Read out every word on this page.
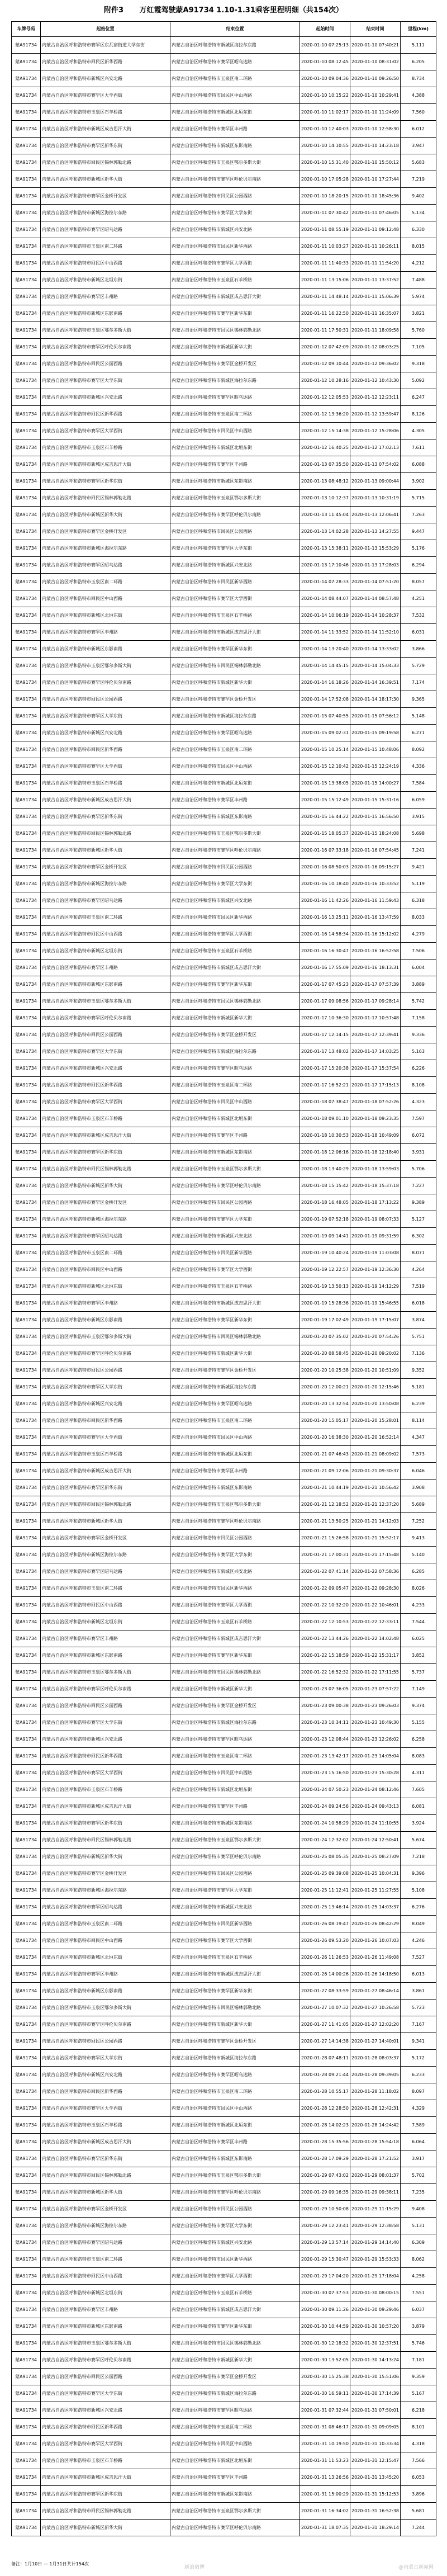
附件3 万红霞驾驶蒙A91734 1.10-1.31乘客里程明细（共154次）
车牌号码	起始位置	结束位置	起始时间	结束时间	里程(km)
蒙A91734	内蒙古自治区呼和浩特市赛罕区东瓦窑街道大学东街	内蒙古自治区呼和浩特市新城区海拉尔东路	2020-01-10 07:25:13	2020-01-10 07:40:21	5.111
蒙A91734	内蒙古自治区呼和浩特市回民区新华西路	内蒙古自治区呼和浩特市赛罕区昭乌达路	2020-01-10 08:12:45	2020-01-10 08:31:02	6.205
蒙A91734	内蒙古自治区呼和浩特市新城区兴安北路	内蒙古自治区呼和浩特市玉泉区南二环路	2020-01-10 09:04:36	2020-01-10 09:26:50	8.734
蒙A91734	内蒙古自治区呼和浩特市赛罕区大学西街	内蒙古自治区呼和浩特市回民区中山西路	2020-01-10 10:15:22	2020-01-10 10:29:41	4.388
蒙A91734	内蒙古自治区呼和浩特市玉泉区石羊桥路	内蒙古自治区呼和浩特市新城区北垣东街	2020-01-10 11:02:17	2020-01-10 11:24:09	7.560
蒙A91734	内蒙古自治区呼和浩特市新城区成吉思汗大街	内蒙古自治区呼和浩特市赛罕区丰州路	2020-01-10 12:40:03	2020-01-10 12:58:30	6.012
蒙A91734	内蒙古自治区呼和浩特市赛罕区新华东街	内蒙古自治区呼和浩特市新城区东影南路	2020-01-10 14:10:55	2020-01-10 14:23:18	3.947
蒙A91734	内蒙古自治区呼和浩特市回民区锡林郭勒北路	内蒙古自治区呼和浩特市玉泉区鄂尔多斯大街	2020-01-10 15:31:40	2020-01-10 15:50:12	5.683
蒙A91734	内蒙古自治区呼和浩特市新城区新华大街	内蒙古自治区呼和浩特市赛罕区呼伦贝尔南路	2020-01-10 17:05:28	2020-01-10 17:27:44	7.219
蒙A91734	内蒙古自治区呼和浩特市赛罕区金桥开发区	内蒙古自治区呼和浩特市回民区公园西路	2020-01-10 18:20:15	2020-01-10 18:45:36	9.402
蒙A91734	内蒙古自治区呼和浩特市新城区海拉尔东路	内蒙古自治区呼和浩特市赛罕区大学东街	2020-01-11 07:30:42	2020-01-11 07:46:05	5.134
蒙A91734	内蒙古自治区呼和浩特市赛罕区昭乌达路	内蒙古自治区呼和浩特市新城区兴安北路	2020-01-11 08:55:19	2020-01-11 09:12:48	6.330
蒙A91734	内蒙古自治区呼和浩特市玉泉区南二环路	内蒙古自治区呼和浩特市回民区新华西路	2020-01-11 10:03:27	2020-01-11 10:26:11	8.015
蒙A91734	内蒙古自治区呼和浩特市回民区中山西路	内蒙古自治区呼和浩特市赛罕区大学西街	2020-01-11 11:40:33	2020-01-11 11:54:20	4.212
蒙A91734	内蒙古自治区呼和浩特市新城区北垣东街	内蒙古自治区呼和浩特市玉泉区石羊桥路	2020-01-11 13:15:06	2020-01-11 13:37:52	7.488
蒙A91734	内蒙古自治区呼和浩特市赛罕区丰州路	内蒙古自治区呼和浩特市新城区成吉思汗大街	2020-01-11 14:48:14	2020-01-11 15:06:39	5.974
蒙A91734	内蒙古自治区呼和浩特市新城区东影南路	内蒙古自治区呼和浩特市赛罕区新华东街	2020-01-11 16:22:50	2020-01-11 16:35:07	3.821
蒙A91734	内蒙古自治区呼和浩特市玉泉区鄂尔多斯大街	内蒙古自治区呼和浩特市回民区锡林郭勒北路	2020-01-11 17:50:31	2020-01-11 18:09:58	5.760
蒙A91734	内蒙古自治区呼和浩特市赛罕区呼伦贝尔南路	内蒙古自治区呼和浩特市新城区新华大街	2020-01-12 07:42:09	2020-01-12 08:03:25	7.105
蒙A91734	内蒙古自治区呼和浩特市回民区公园西路	内蒙古自治区呼和浩特市赛罕区金桥开发区	2020-01-12 09:10:44	2020-01-12 09:36:02	9.318
蒙A91734	内蒙古自治区呼和浩特市赛罕区大学东街	内蒙古自治区呼和浩特市新城区海拉尔东路	2020-01-12 10:28:16	2020-01-12 10:43:30	5.092
蒙A91734	内蒙古自治区呼和浩特市新城区兴安北路	内蒙古自治区呼和浩特市赛罕区昭乌达路	2020-01-12 12:05:53	2020-01-12 12:23:11	6.247
蒙A91734	内蒙古自治区呼和浩特市回民区新华西路	内蒙古自治区呼和浩特市玉泉区南二环路	2020-01-12 13:36:20	2020-01-12 13:59:47	8.126
蒙A91734	内蒙古自治区呼和浩特市赛罕区大学西街	内蒙古自治区呼和浩特市回民区中山西路	2020-01-12 15:14:38	2020-01-12 15:28:06	4.305
蒙A91734	内蒙古自治区呼和浩特市玉泉区石羊桥路	内蒙古自治区呼和浩特市新城区北垣东街	2020-01-12 16:40:25	2020-01-12 17:02:13	7.611
蒙A91734	内蒙古自治区呼和浩特市新城区成吉思汗大街	内蒙古自治区呼和浩特市赛罕区丰州路	2020-01-13 07:35:50	2020-01-13 07:54:02	6.088
蒙A91734	内蒙古自治区呼和浩特市赛罕区新华东街	内蒙古自治区呼和浩特市新城区东影南路	2020-01-13 08:48:12	2020-01-13 09:00:44	3.902
蒙A91734	内蒙古自治区呼和浩特市回民区锡林郭勒北路	内蒙古自治区呼和浩特市玉泉区鄂尔多斯大街	2020-01-13 10:12:37	2020-01-13 10:31:19	5.715
蒙A91734	内蒙古自治区呼和浩特市新城区新华大街	内蒙古自治区呼和浩特市赛罕区呼伦贝尔南路	2020-01-13 11:45:04	2020-01-13 12:06:41	7.263
蒙A91734	内蒙古自治区呼和浩特市赛罕区金桥开发区	内蒙古自治区呼和浩特市回民区公园西路	2020-01-13 14:02:28	2020-01-13 14:27:55	9.447
蒙A91734	内蒙古自治区呼和浩特市新城区海拉尔东路	内蒙古自治区呼和浩特市赛罕区大学东街	2020-01-13 15:38:11	2020-01-13 15:53:29	5.176
蒙A91734	内蒙古自治区呼和浩特市赛罕区昭乌达路	内蒙古自治区呼和浩特市新城区兴安北路	2020-01-13 17:10:46	2020-01-13 17:28:03	6.294
蒙A91734	内蒙古自治区呼和浩特市玉泉区南二环路	内蒙古自治区呼和浩特市回民区新华西路	2020-01-14 07:28:33	2020-01-14 07:51:20	8.057
蒙A91734	内蒙古自治区呼和浩特市回民区中山西路	内蒙古自治区呼和浩特市赛罕区大学西街	2020-01-14 08:44:07	2020-01-14 08:57:48	4.251
蒙A91734	内蒙古自治区呼和浩特市新城区北垣东街	内蒙古自治区呼和浩特市玉泉区石羊桥路	2020-01-14 10:06:19	2020-01-14 10:28:37	7.532
蒙A91734	内蒙古自治区呼和浩特市赛罕区丰州路	内蒙古自治区呼和浩特市新城区成吉思汗大街	2020-01-14 11:33:52	2020-01-14 11:52:10	6.031
蒙A91734	内蒙古自治区呼和浩特市新城区东影南路	内蒙古自治区呼和浩特市赛罕区新华东街	2020-01-14 13:20:40	2020-01-14 13:33:02	3.866
蒙A91734	内蒙古自治区呼和浩特市玉泉区鄂尔多斯大街	内蒙古自治区呼和浩特市回民区锡林郭勒北路	2020-01-14 14:45:15	2020-01-14 15:04:33	5.729
蒙A91734	内蒙古自治区呼和浩特市赛罕区呼伦贝尔南路	内蒙古自治区呼和浩特市新城区新华大街	2020-01-14 16:18:26	2020-01-14 16:39:51	7.174
蒙A91734	内蒙古自治区呼和浩特市回民区公园西路	内蒙古自治区呼和浩特市赛罕区金桥开发区	2020-01-14 17:52:08	2020-01-14 18:17:30	9.365
蒙A91734	内蒙古自治区呼和浩特市赛罕区大学东街	内蒙古自治区呼和浩特市新城区海拉尔东路	2020-01-15 07:40:55	2020-01-15 07:56:12	5.148
蒙A91734	内蒙古自治区呼和浩特市新城区兴安北路	内蒙古自治区呼和浩特市赛罕区昭乌达路	2020-01-15 09:02:31	2020-01-15 09:19:58	6.271
蒙A91734	内蒙古自治区呼和浩特市回民区新华西路	内蒙古自治区呼和浩特市玉泉区南二环路	2020-01-15 10:25:14	2020-01-15 10:48:06	8.092
蒙A91734	内蒙古自治区呼和浩特市赛罕区大学西街	内蒙古自治区呼和浩特市回民区中山西路	2020-01-15 12:10:42	2020-01-15 12:24:19	4.336
蒙A91734	内蒙古自治区呼和浩特市玉泉区石羊桥路	内蒙古自治区呼和浩特市新城区北垣东街	2020-01-15 13:38:05	2020-01-15 14:00:27	7.584
蒙A91734	内蒙古自治区呼和浩特市新城区成吉思汗大街	内蒙古自治区呼和浩特市赛罕区丰州路	2020-01-15 15:12:49	2020-01-15 15:31:16	6.059
蒙A91734	内蒙古自治区呼和浩特市赛罕区新华东街	内蒙古自治区呼和浩特市新城区东影南路	2020-01-15 16:44:22	2020-01-15 16:56:50	3.915
蒙A91734	内蒙古自治区呼和浩特市回民区锡林郭勒北路	内蒙古自治区呼和浩特市玉泉区鄂尔多斯大街	2020-01-15 18:05:37	2020-01-15 18:24:08	5.698
蒙A91734	内蒙古自治区呼和浩特市新城区新华大街	内蒙古自治区呼和浩特市赛罕区呼伦贝尔南路	2020-01-16 07:33:18	2020-01-16 07:54:45	7.241
蒙A91734	内蒙古自治区呼和浩特市赛罕区金桥开发区	内蒙古自治区呼和浩特市回民区公园西路	2020-01-16 08:50:03	2020-01-16 09:15:27	9.421
蒙A91734	内蒙古自治区呼和浩特市新城区海拉尔东路	内蒙古自治区呼和浩特市赛罕区大学东街	2020-01-16 10:18:40	2020-01-16 10:33:52	5.119
蒙A91734	内蒙古自治区呼和浩特市赛罕区昭乌达路	内蒙古自治区呼和浩特市新城区兴安北路	2020-01-16 11:42:26	2020-01-16 11:59:43	6.318
蒙A91734	内蒙古自治区呼和浩特市玉泉区南二环路	内蒙古自治区呼和浩特市回民区新华西路	2020-01-16 13:25:11	2020-01-16 13:47:59	8.033
蒙A91734	内蒙古自治区呼和浩特市回民区中山西路	内蒙古自治区呼和浩特市赛罕区大学西街	2020-01-16 14:58:34	2020-01-16 15:12:02	4.279
蒙A91734	内蒙古自治区呼和浩特市新城区北垣东街	内蒙古自治区呼和浩特市玉泉区石羊桥路	2020-01-16 16:30:47	2020-01-16 16:52:58	7.506
蒙A91734	内蒙古自治区呼和浩特市赛罕区丰州路	内蒙古自治区呼和浩特市新城区成吉思汗大街	2020-01-16 17:55:09	2020-01-16 18:13:31	6.004
蒙A91734	内蒙古自治区呼和浩特市新城区东影南路	内蒙古自治区呼和浩特市赛罕区新华东街	2020-01-17 07:45:23	2020-01-17 07:57:39	3.889
蒙A91734	内蒙古自治区呼和浩特市玉泉区鄂尔多斯大街	内蒙古自治区呼和浩特市回民区锡林郭勒北路	2020-01-17 09:08:56	2020-01-17 09:28:14	5.742
蒙A91734	内蒙古自治区呼和浩特市赛罕区呼伦贝尔南路	内蒙古自治区呼和浩特市新城区新华大街	2020-01-17 10:36:30	2020-01-17 10:57:48	7.158
蒙A91734	内蒙古自治区呼和浩特市回民区公园西路	内蒙古自治区呼和浩特市赛罕区金桥开发区	2020-01-17 12:14:15	2020-01-17 12:39:41	9.336
蒙A91734	内蒙古自治区呼和浩特市赛罕区大学东街	内蒙古自治区呼和浩特市新城区海拉尔东路	2020-01-17 13:48:02	2020-01-17 14:03:25	5.163
蒙A91734	内蒙古自治区呼和浩特市新城区兴安北路	内蒙古自治区呼和浩特市赛罕区昭乌达路	2020-01-17 15:20:38	2020-01-17 15:37:54	6.226
蒙A91734	内蒙古自治区呼和浩特市回民区新华西路	内蒙古自治区呼和浩特市玉泉区南二环路	2020-01-17 16:52:21	2020-01-17 17:15:13	8.108
蒙A91734	内蒙古自治区呼和浩特市赛罕区大学西街	内蒙古自治区呼和浩特市回民区中山西路	2020-01-18 07:38:47	2020-01-18 07:52:26	4.323
蒙A91734	内蒙古自治区呼和浩特市玉泉区石羊桥路	内蒙古自治区呼和浩特市新城区北垣东街	2020-01-18 09:01:10	2020-01-18 09:23:35	7.597
蒙A91734	内蒙古自治区呼和浩特市新城区成吉思汗大街	内蒙古自治区呼和浩特市赛罕区丰州路	2020-01-18 10:30:53	2020-01-18 10:49:09	6.072
蒙A91734	内蒙古自治区呼和浩特市赛罕区新华东街	内蒙古自治区呼和浩特市新城区东影南路	2020-01-18 12:06:16	2020-01-18 12:18:40	3.931
蒙A91734	内蒙古自治区呼和浩特市回民区锡林郭勒北路	内蒙古自治区呼和浩特市玉泉区鄂尔多斯大街	2020-01-18 13:40:29	2020-01-18 13:59:03	5.706
蒙A91734	内蒙古自治区呼和浩特市新城区新华大街	内蒙古自治区呼和浩特市赛罕区呼伦贝尔南路	2020-01-18 15:15:42	2020-01-18 15:37:18	7.227
蒙A91734	内蒙古自治区呼和浩特市赛罕区金桥开发区	内蒙古自治区呼和浩特市回民区公园西路	2020-01-18 16:48:05	2020-01-18 17:13:22	9.389
蒙A91734	内蒙古自治区呼和浩特市新城区海拉尔东路	内蒙古自治区呼和浩特市赛罕区大学东街	2020-01-19 07:52:18	2020-01-19 08:07:33	5.127
蒙A91734	内蒙古自治区呼和浩特市赛罕区昭乌达路	内蒙古自治区呼和浩特市新城区兴安北路	2020-01-19 09:14:41	2020-01-19 09:31:59	6.302
蒙A91734	内蒙古自治区呼和浩特市玉泉区南二环路	内蒙古自治区呼和浩特市回民区新华西路	2020-01-19 10:40:24	2020-01-19 11:03:08	8.071
蒙A91734	内蒙古自治区呼和浩特市回民区中山西路	内蒙古自治区呼和浩特市赛罕区大学西街	2020-01-19 12:22:57	2020-01-19 12:36:30	4.264
蒙A91734	内蒙古自治区呼和浩特市新城区北垣东街	内蒙古自治区呼和浩特市玉泉区石羊桥路	2020-01-19 13:50:13	2020-01-19 14:12:29	7.519
蒙A91734	内蒙古自治区呼和浩特市赛罕区丰州路	内蒙古自治区呼和浩特市新城区成吉思汗大街	2020-01-19 15:28:36	2020-01-19 15:46:55	6.018
蒙A91734	内蒙古自治区呼和浩特市新城区东影南路	内蒙古自治区呼和浩特市赛罕区新华东街	2020-01-19 17:02:49	2020-01-19 17:15:07	3.874
蒙A91734	内蒙古自治区呼和浩特市玉泉区鄂尔多斯大街	内蒙古自治区呼和浩特市回民区锡林郭勒北路	2020-01-20 07:35:02	2020-01-20 07:54:26	5.751
蒙A91734	内蒙古自治区呼和浩特市赛罕区呼伦贝尔南路	内蒙古自治区呼和浩特市新城区新华大街	2020-01-20 08:58:45	2020-01-20 09:20:02	7.136
蒙A91734	内蒙古自治区呼和浩特市回民区公园西路	内蒙古自治区呼和浩特市赛罕区金桥开发区	2020-01-20 10:25:38	2020-01-20 10:51:09	9.352
蒙A91734	内蒙古自治区呼和浩特市赛罕区大学东街	内蒙古自治区呼和浩特市新城区海拉尔东路	2020-01-20 12:00:21	2020-01-20 12:15:46	5.181
蒙A91734	内蒙古自治区呼和浩特市新城区兴安北路	内蒙古自治区呼和浩特市赛罕区昭乌达路	2020-01-20 13:32:54	2020-01-20 13:50:08	6.239
蒙A91734	内蒙古自治区呼和浩特市回民区新华西路	内蒙古自治区呼和浩特市玉泉区南二环路	2020-01-20 15:05:17	2020-01-20 15:28:01	8.114
蒙A91734	内蒙古自治区呼和浩特市赛罕区大学西街	内蒙古自治区呼和浩特市回民区中山西路	2020-01-20 16:38:30	2020-01-20 16:52:14	4.347
蒙A91734	内蒙古自治区呼和浩特市玉泉区石羊桥路	内蒙古自治区呼和浩特市新城区北垣东街	2020-01-21 07:46:43	2020-01-21 08:09:02	7.573
蒙A91734	内蒙古自治区呼和浩特市新城区成吉思汗大街	内蒙古自治区呼和浩特市赛罕区丰州路	2020-01-21 09:12:06	2020-01-21 09:30:37	6.046
蒙A91734	内蒙古自治区呼和浩特市赛罕区新华东街	内蒙古自治区呼和浩特市新城区东影南路	2020-01-21 10:44:19	2020-01-21 10:56:42	3.908
蒙A91734	内蒙古自治区呼和浩特市回民区锡林郭勒北路	内蒙古自治区呼和浩特市玉泉区鄂尔多斯大街	2020-01-21 12:18:52	2020-01-21 12:37:20	5.689
蒙A91734	内蒙古自治区呼和浩特市新城区新华大街	内蒙古自治区呼和浩特市赛罕区呼伦贝尔南路	2020-01-21 13:50:25	2020-01-21 14:12:03	7.252
蒙A91734	内蒙古自治区呼和浩特市赛罕区金桥开发区	内蒙古自治区呼和浩特市回民区公园西路	2020-01-21 15:26:58	2020-01-21 15:52:17	9.413
蒙A91734	内蒙古自治区呼和浩特市新城区海拉尔东路	内蒙古自治区呼和浩特市赛罕区大学东街	2020-01-21 17:00:31	2020-01-21 17:15:48	5.140
蒙A91734	内蒙古自治区呼和浩特市赛罕区昭乌达路	内蒙古自治区呼和浩特市新城区兴安北路	2020-01-22 07:41:14	2020-01-22 07:58:36	6.285
蒙A91734	内蒙古自治区呼和浩特市玉泉区南二环路	内蒙古自治区呼和浩特市回民区新华西路	2020-01-22 09:05:47	2020-01-22 09:28:30	8.026
蒙A91734	内蒙古自治区呼和浩特市回民区中山西路	内蒙古自治区呼和浩特市赛罕区大学西街	2020-01-22 10:32:20	2020-01-22 10:46:01	4.233
蒙A91734	内蒙古自治区呼和浩特市新城区北垣东街	内蒙古自治区呼和浩特市玉泉区石羊桥路	2020-01-22 12:10:53	2020-01-22 12:33:11	7.544
蒙A91734	内蒙古自治区呼和浩特市赛罕区丰州路	内蒙古自治区呼和浩特市新城区成吉思汗大街	2020-01-22 13:44:26	2020-01-22 14:02:48	6.025
蒙A91734	内蒙古自治区呼和浩特市新城区东影南路	内蒙古自治区呼和浩特市赛罕区新华东街	2020-01-22 15:18:59	2020-01-22 15:31:17	3.852
蒙A91734	内蒙古自治区呼和浩特市玉泉区鄂尔多斯大街	内蒙古自治区呼和浩特市回民区锡林郭勒北路	2020-01-22 16:52:32	2020-01-22 17:11:55	5.737
蒙A91734	内蒙古自治区呼和浩特市赛罕区呼伦贝尔南路	内蒙古自治区呼和浩特市新城区新华大街	2020-01-23 07:36:05	2020-01-23 07:57:22	7.149
蒙A91734	内蒙古自治区呼和浩特市回民区公园西路	内蒙古自治区呼和浩特市赛罕区金桥开发区	2020-01-23 09:00:38	2020-01-23 09:26:03	9.374
蒙A91734	内蒙古自治区呼和浩特市赛罕区大学东街	内蒙古自治区呼和浩特市新城区海拉尔东路	2020-01-23 10:34:11	2020-01-23 10:49:30	5.155
蒙A91734	内蒙古自治区呼和浩特市新城区兴安北路	内蒙古自治区呼和浩特市赛罕区昭乌达路	2020-01-23 12:08:44	2020-01-23 12:26:02	6.258
蒙A91734	内蒙古自治区呼和浩特市回民区新华西路	内蒙古自治区呼和浩特市玉泉区南二环路	2020-01-23 13:42:17	2020-01-23 14:05:04	8.083
蒙A91734	内蒙古自治区呼和浩特市赛罕区大学西街	内蒙古自治区呼和浩特市回民区中山西路	2020-01-23 15:16:50	2020-01-23 15:30:28	4.311
蒙A91734	内蒙古自治区呼和浩特市玉泉区石羊桥路	内蒙古自治区呼和浩特市新城区北垣东街	2020-01-24 07:50:23	2020-01-24 08:12:46	7.605
蒙A91734	内蒙古自治区呼和浩特市新城区成吉思汗大街	内蒙古自治区呼和浩特市赛罕区丰州路	2020-01-24 09:24:56	2020-01-24 09:43:13	6.081
蒙A91734	内蒙古自治区呼和浩特市赛罕区新华东街	内蒙古自治区呼和浩特市新城区东影南路	2020-01-24 10:58:29	2020-01-24 11:10:55	3.924
蒙A91734	内蒙古自治区呼和浩特市回民区锡林郭勒北路	内蒙古自治区呼和浩特市玉泉区鄂尔多斯大街	2020-01-24 12:32:02	2020-01-24 12:50:41	5.674
蒙A91734	内蒙古自治区呼和浩特市新城区新华大街	内蒙古自治区呼和浩特市赛罕区呼伦贝尔南路	2020-01-25 08:05:35	2020-01-25 08:27:09	7.218
蒙A91734	内蒙古自治区呼和浩特市赛罕区金桥开发区	内蒙古自治区呼和浩特市回民区公园西路	2020-01-25 09:39:08	2020-01-25 10:04:31	9.396
蒙A91734	内蒙古自治区呼和浩特市新城区海拉尔东路	内蒙古自治区呼和浩特市赛罕区大学东街	2020-01-25 11:12:41	2020-01-25 11:27:55	5.108
蒙A91734	内蒙古自治区呼和浩特市赛罕区昭乌达路	内蒙古自治区呼和浩特市新城区兴安北路	2020-01-25 13:46:14	2020-01-25 14:03:37	6.276
蒙A91734	内蒙古自治区呼和浩特市玉泉区南二环路	内蒙古自治区呼和浩特市回民区新华西路	2020-01-26 08:19:47	2020-01-26 08:42:29	8.049
蒙A91734	内蒙古自治区呼和浩特市回民区中山西路	内蒙古自治区呼和浩特市赛罕区大学西街	2020-01-26 09:53:20	2020-01-26 10:07:03	4.246
蒙A91734	内蒙古自治区呼和浩特市新城区北垣东街	内蒙古自治区呼和浩特市玉泉区石羊桥路	2020-01-26 11:26:53	2020-01-26 11:49:08	7.527
蒙A91734	内蒙古自治区呼和浩特市赛罕区丰州路	内蒙古自治区呼和浩特市新城区成吉思汗大街	2020-01-26 14:00:26	2020-01-26 14:18:50	6.013
蒙A91734	内蒙古自治区呼和浩特市新城区东影南路	内蒙古自治区呼和浩特市赛罕区新华东街	2020-01-27 08:33:59	2020-01-27 08:46:14	3.861
蒙A91734	内蒙古自治区呼和浩特市玉泉区鄂尔多斯大街	内蒙古自治区呼和浩特市回民区锡林郭勒北路	2020-01-27 10:07:32	2020-01-27 10:26:58	5.723
蒙A91734	内蒙古自治区呼和浩特市赛罕区呼伦贝尔南路	内蒙古自治区呼和浩特市新城区新华大街	2020-01-27 11:41:05	2020-01-27 12:02:20	7.167
蒙A91734	内蒙古自治区呼和浩特市回民区公园西路	内蒙古自治区呼和浩特市赛罕区金桥开发区	2020-01-27 14:14:38	2020-01-27 14:40:01	9.341
蒙A91734	内蒙古自治区呼和浩特市赛罕区大学东街	内蒙古自治区呼和浩特市新城区海拉尔东路	2020-01-28 07:48:11	2020-01-28 08:03:37	5.172
蒙A91734	内蒙古自治区呼和浩特市新城区兴安北路	内蒙古自治区呼和浩特市赛罕区昭乌达路	2020-01-28 09:21:44	2020-01-28 09:39:05	6.233
蒙A91734	内蒙古自治区呼和浩特市回民区新华西路	内蒙古自治区呼和浩特市玉泉区南二环路	2020-01-28 10:55:17	2020-01-28 11:18:02	8.097
蒙A91734	内蒙古自治区呼和浩特市赛罕区大学西街	内蒙古自治区呼和浩特市回民区中山西路	2020-01-28 12:28:50	2020-01-28 12:42:31	4.329
蒙A91734	内蒙古自治区呼和浩特市玉泉区石羊桥路	内蒙古自治区呼和浩特市新城区北垣东街	2020-01-28 14:02:23	2020-01-28 14:24:42	7.589
蒙A91734	内蒙古自治区呼和浩特市新城区成吉思汗大街	内蒙古自治区呼和浩特市赛罕区丰州路	2020-01-28 15:35:56	2020-01-28 15:54:18	6.064
蒙A91734	内蒙古自治区呼和浩特市赛罕区新华东街	内蒙古自治区呼和浩特市新城区东影南路	2020-01-28 17:09:29	2020-01-28 17:21:52	3.917
蒙A91734	内蒙古自治区呼和浩特市回民区锡林郭勒北路	内蒙古自治区呼和浩特市玉泉区鄂尔多斯大街	2020-01-29 07:43:02	2020-01-29 08:01:37	5.702
蒙A91734	内蒙古自治区呼和浩特市新城区新华大街	内蒙古自治区呼和浩特市赛罕区呼伦贝尔南路	2020-01-29 09:16:35	2020-01-29 09:38:11	7.235
蒙A91734	内蒙古自治区呼和浩特市赛罕区金桥开发区	内蒙古自治区呼和浩特市回民区公园西路	2020-01-29 10:50:08	2020-01-29 11:15:29	9.408
蒙A91734	内蒙古自治区呼和浩特市新城区海拉尔东路	内蒙古自治区呼和浩特市赛罕区大学东街	2020-01-29 12:23:41	2020-01-29 12:38:58	5.131
蒙A91734	内蒙古自治区呼和浩特市赛罕区昭乌达路	内蒙古自治区呼和浩特市新城区兴安北路	2020-01-29 13:57:14	2020-01-29 14:14:40	6.309
蒙A91734	内蒙古自治区呼和浩特市玉泉区南二环路	内蒙古自治区呼和浩特市回民区新华西路	2020-01-29 15:30:47	2020-01-29 15:53:33	8.062
蒙A91734	内蒙古自治区呼和浩特市回民区中山西路	内蒙古自治区呼和浩特市赛罕区大学西街	2020-01-29 17:04:20	2020-01-29 17:18:04	4.258
蒙A91734	内蒙古自治区呼和浩特市新城区北垣东街	内蒙古自治区呼和浩特市玉泉区石羊桥路	2020-01-30 07:37:53	2020-01-30 08:00:15	7.551
蒙A91734	内蒙古自治区呼和浩特市赛罕区丰州路	内蒙古自治区呼和浩特市新城区成吉思汗大街	2020-01-30 09:11:26	2020-01-30 09:29:46	6.037
蒙A91734	内蒙古自治区呼和浩特市新城区东影南路	内蒙古自治区呼和浩特市赛罕区新华东街	2020-01-30 10:44:59	2020-01-30 10:57:20	3.879
蒙A91734	内蒙古自治区呼和浩特市玉泉区鄂尔多斯大街	内蒙古自治区呼和浩特市回民区锡林郭勒北路	2020-01-30 12:18:32	2020-01-30 12:37:51	5.746
蒙A91734	内蒙古自治区呼和浩特市赛罕区呼伦贝尔南路	内蒙古自治区呼和浩特市新城区新华大街	2020-01-30 13:52:05	2020-01-30 14:13:24	7.181
蒙A91734	内蒙古自治区呼和浩特市回民区公园西路	内蒙古自治区呼和浩特市赛罕区金桥开发区	2020-01-30 15:25:38	2020-01-30 15:51:06	9.359
蒙A91734	内蒙古自治区呼和浩特市赛罕区大学东街	内蒙古自治区呼和浩特市新城区海拉尔东路	2020-01-30 16:59:11	2020-01-30 17:14:39	5.167
蒙A91734	内蒙古自治区呼和浩特市新城区兴安北路	内蒙古自治区呼和浩特市赛罕区昭乌达路	2020-01-31 07:32:44	2020-01-31 07:50:01	6.218
蒙A91734	内蒙古自治区呼和浩特市回民区新华西路	内蒙古自治区呼和浩特市玉泉区南二环路	2020-01-31 08:46:17	2020-01-31 09:09:05	8.101
蒙A91734	内蒙古自治区呼和浩特市赛罕区大学西街	内蒙古自治区呼和浩特市回民区中山西路	2020-01-31 10:19:50	2020-01-31 10:33:34	4.318
蒙A91734	内蒙古自治区呼和浩特市玉泉区石羊桥路	内蒙古自治区呼和浩特市新城区北垣东街	2020-01-31 11:53:23	2020-01-31 12:15:47	7.566
蒙A91734	内蒙古自治区呼和浩特市新城区成吉思汗大街	内蒙古自治区呼和浩特市赛罕区丰州路	2020-01-31 13:26:56	2020-01-31 13:45:20	6.053
蒙A91734	内蒙古自治区呼和浩特市赛罕区新华东街	内蒙古自治区呼和浩特市新城区东影南路	2020-01-31 15:00:29	2020-01-31 15:12:53	3.896
蒙A91734	内蒙古自治区呼和浩特市回民区锡林郭勒北路	内蒙古自治区呼和浩特市玉泉区鄂尔多斯大街	2020-01-31 16:34:02	2020-01-31 16:52:38	5.681
蒙A91734	内蒙古自治区呼和浩特市新城区新华大街	内蒙古自治区呼和浩特市赛罕区呼伦贝尔南路	2020-01-31 18:07:35	2020-01-31 18:29:14	7.244
备注：1月10日 — 1月31日共计154次
新浪微博	@内蒙古新闻网
